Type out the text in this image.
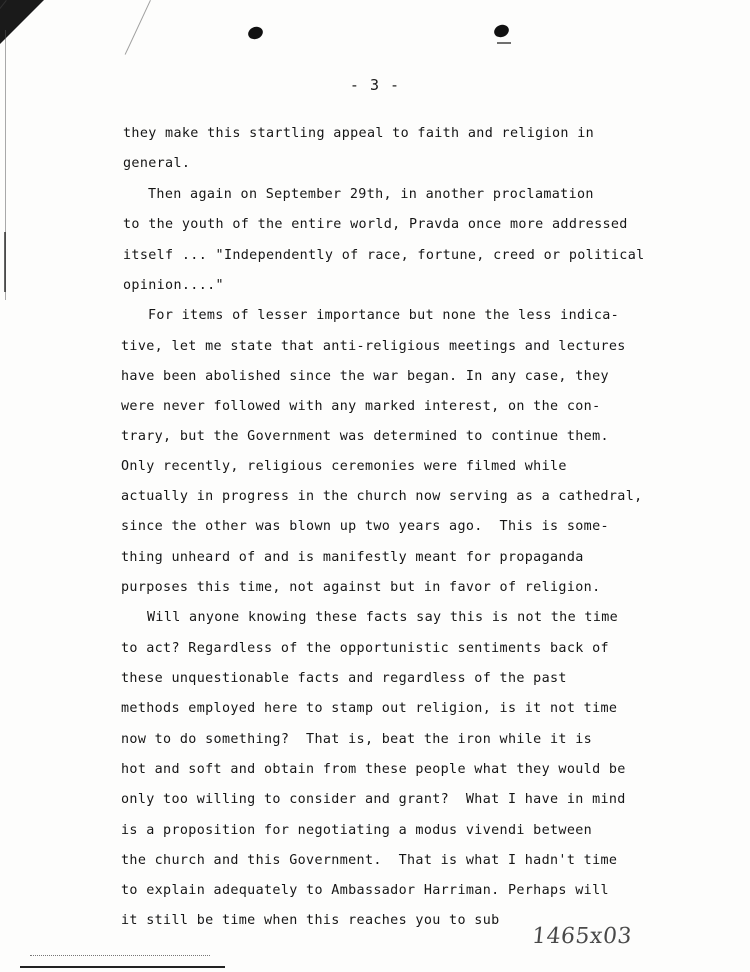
- 3 -
they make this startling appeal to faith and religion in
general.
Then again on September 29th, in another proclamation
to the youth of the entire world, Pravda once more addressed
itself ... "Independently of race, fortune, creed or political
opinion...."
For items of lesser importance but none the less indica-
tive, let me state that anti-religious meetings and lectures
have been abolished since the war began. In any case, they
were never followed with any marked interest, on the con-
trary, but the Government was determined to continue them.
Only recently, religious ceremonies were filmed while
actually in progress in the church now serving as a cathedral,
since the other was blown up two years ago.  This is some-
thing unheard of and is manifestly meant for propaganda
purposes this time, not against but in favor of religion.
Will anyone knowing these facts say this is not the time
to act? Regardless of the opportunistic sentiments back of
these unquestionable facts and regardless of the past
methods employed here to stamp out religion, is it not time
now to do something?  That is, beat the iron while it is
hot and soft and obtain from these people what they would be
only too willing to consider and grant?  What I have in mind
is a proposition for negotiating a modus vivendi between
the church and this Government.  That is what I hadn't time
to explain adequately to Ambassador Harriman. Perhaps will
it still be time when this reaches you to sub
1465x03
